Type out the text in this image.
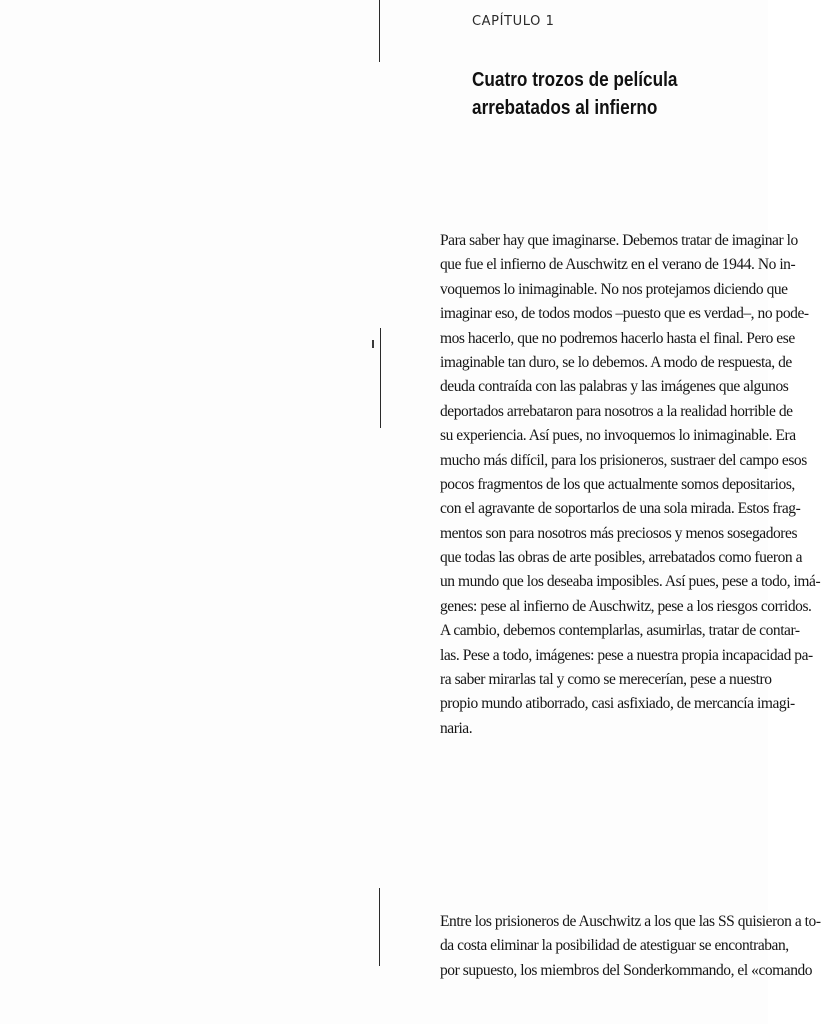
CAPÍTULO 1
Cuatro trozos de película
arrebatados al infierno
Para saber hay que imaginarse. Debemos tratar de imaginar lo
que fue el infierno de Auschwitz en el verano de 1944. No in-
voquemos lo inimaginable. No nos protejamos diciendo que
imaginar eso, de todos modos –puesto que es verdad–, no pode-
mos hacerlo, que no podremos hacerlo hasta el final. Pero ese
imaginable tan duro, se lo debemos. A modo de respuesta, de
deuda contraída con las palabras y las imágenes que algunos
deportados arrebataron para nosotros a la realidad horrible de
su experiencia. Así pues, no invoquemos lo inimaginable. Era
mucho más difícil, para los prisioneros, sustraer del campo esos
pocos fragmentos de los que actualmente somos depositarios,
con el agravante de soportarlos de una sola mirada. Estos frag-
mentos son para nosotros más preciosos y menos sosegadores
que todas las obras de arte posibles, arrebatados como fueron a
un mundo que los deseaba imposibles. Así pues, pese a todo, imá-
genes: pese al infierno de Auschwitz, pese a los riesgos corridos.
A cambio, debemos contemplarlas, asumirlas, tratar de contar-
las. Pese a todo, imágenes: pese a nuestra propia incapacidad pa-
ra saber mirarlas tal y como se merecerían, pese a nuestro
propio mundo atiborrado, casi asfixiado, de mercancía imagi-
naria.
Entre los prisioneros de Auschwitz a los que las SS quisieron a to-
da costa eliminar la posibilidad de atestiguar se encontraban,
por supuesto, los miembros del Sonderkommando, el «comando
